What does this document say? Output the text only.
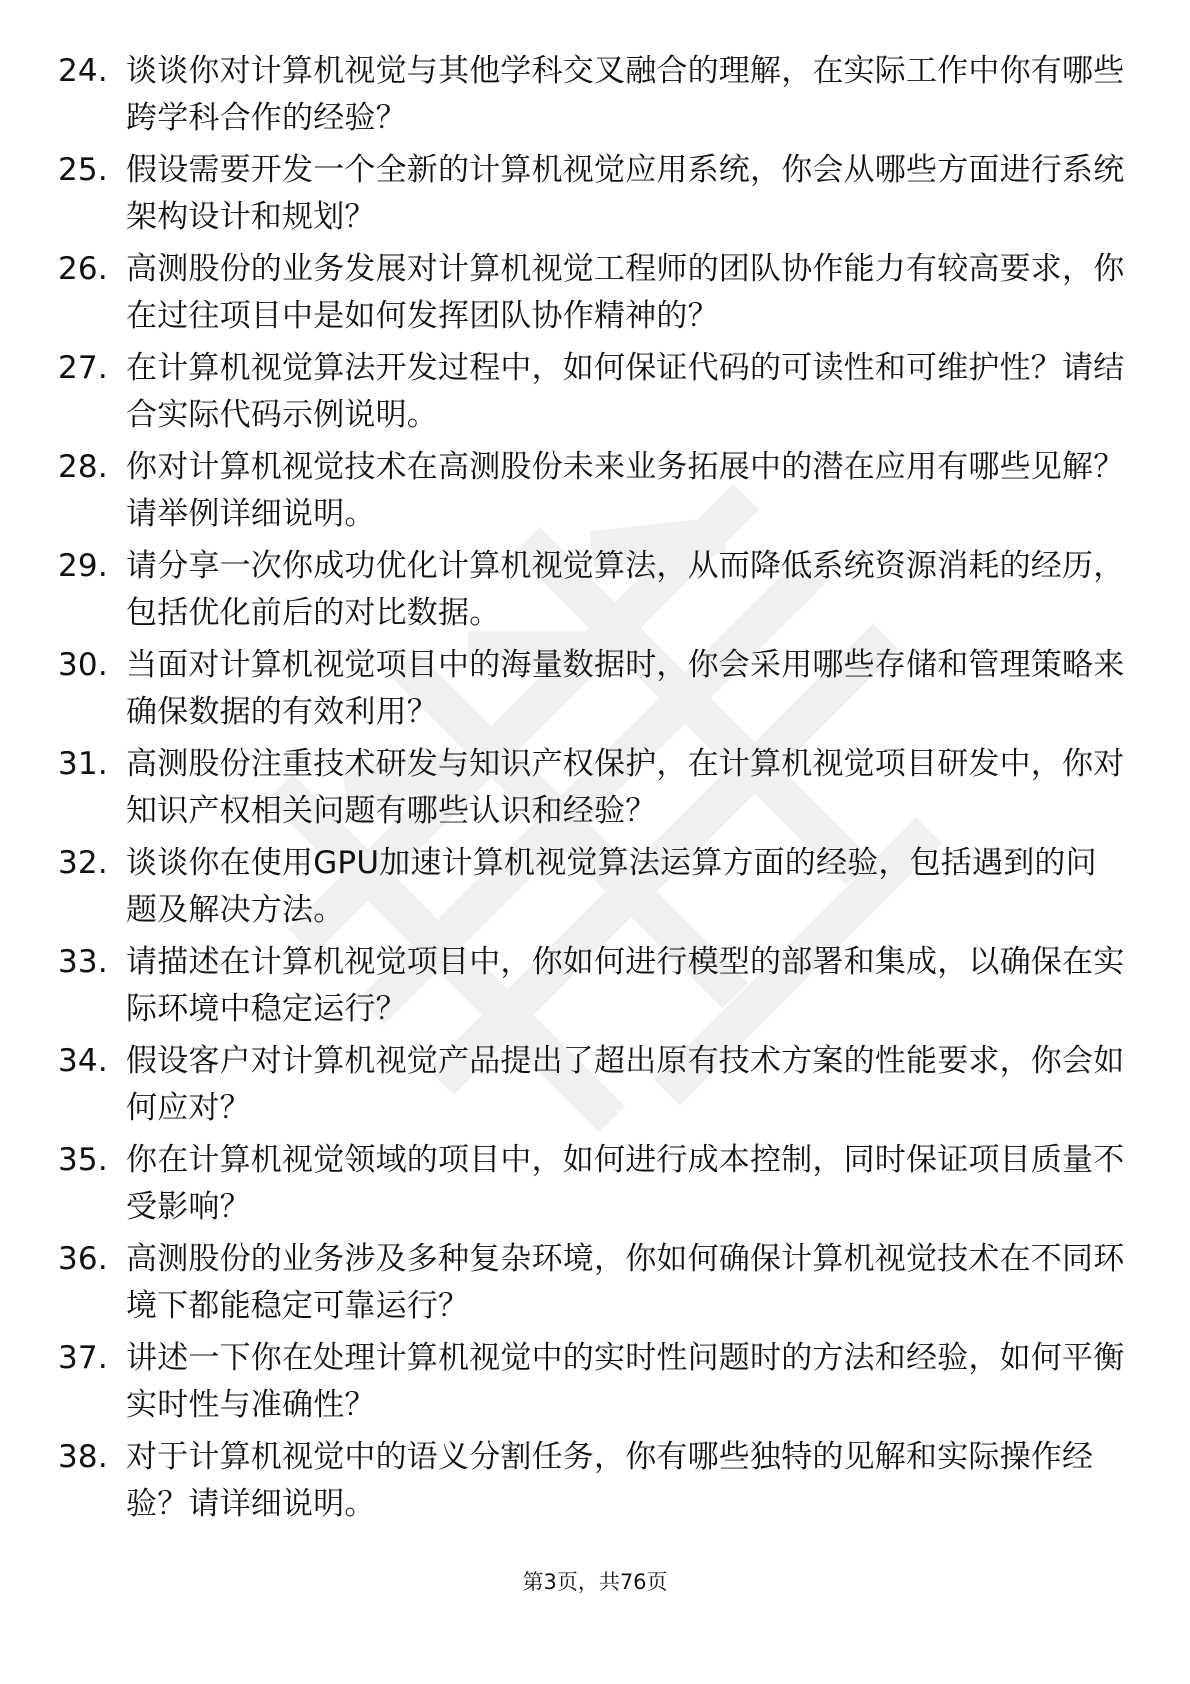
24. 谈谈你对计算机视觉与其他学科交叉融合的理解，在实际工作中你有哪些跨学科合作的经验？
25. 假设需要开发一个全新的计算机视觉应用系统，你会从哪些方面进行系统架构设计和规划？
26. 高测股份的业务发展对计算机视觉工程师的团队协作能力有较高要求，你在过往项目中是如何发挥团队协作精神的？
27. 在计算机视觉算法开发过程中，如何保证代码的可读性和可维护性？请结合实际代码示例说明。
28. 你对计算机视觉技术在高测股份未来业务拓展中的潜在应用有哪些见解？请举例详细说明。
29. 请分享一次你成功优化计算机视觉算法，从而降低系统资源消耗的经历，包括优化前后的对比数据。
30. 当面对计算机视觉项目中的海量数据时，你会采用哪些存储和管理策略来确保数据的有效利用？
31. 高测股份注重技术研发与知识产权保护，在计算机视觉项目研发中，你对知识产权相关问题有哪些认识和经验？
32. 谈谈你在使用GPU加速计算机视觉算法运算方面的经验，包括遇到的问题及解决方法。
33. 请描述在计算机视觉项目中，你如何进行模型的部署和集成，以确保在实际环境中稳定运行？
34. 假设客户对计算机视觉产品提出了超出原有技术方案的性能要求，你会如何应对？
35. 你在计算机视觉领域的项目中，如何进行成本控制，同时保证项目质量不受影响？
36. 高测股份的业务涉及多种复杂环境，你如何确保计算机视觉技术在不同环境下都能稳定可靠运行？
37. 讲述一下你在处理计算机视觉中的实时性问题时的方法和经验，如何平衡实时性与准确性？
38. 对于计算机视觉中的语义分割任务，你有哪些独特的见解和实际操作经验？请详细说明。
第3页，共76页
